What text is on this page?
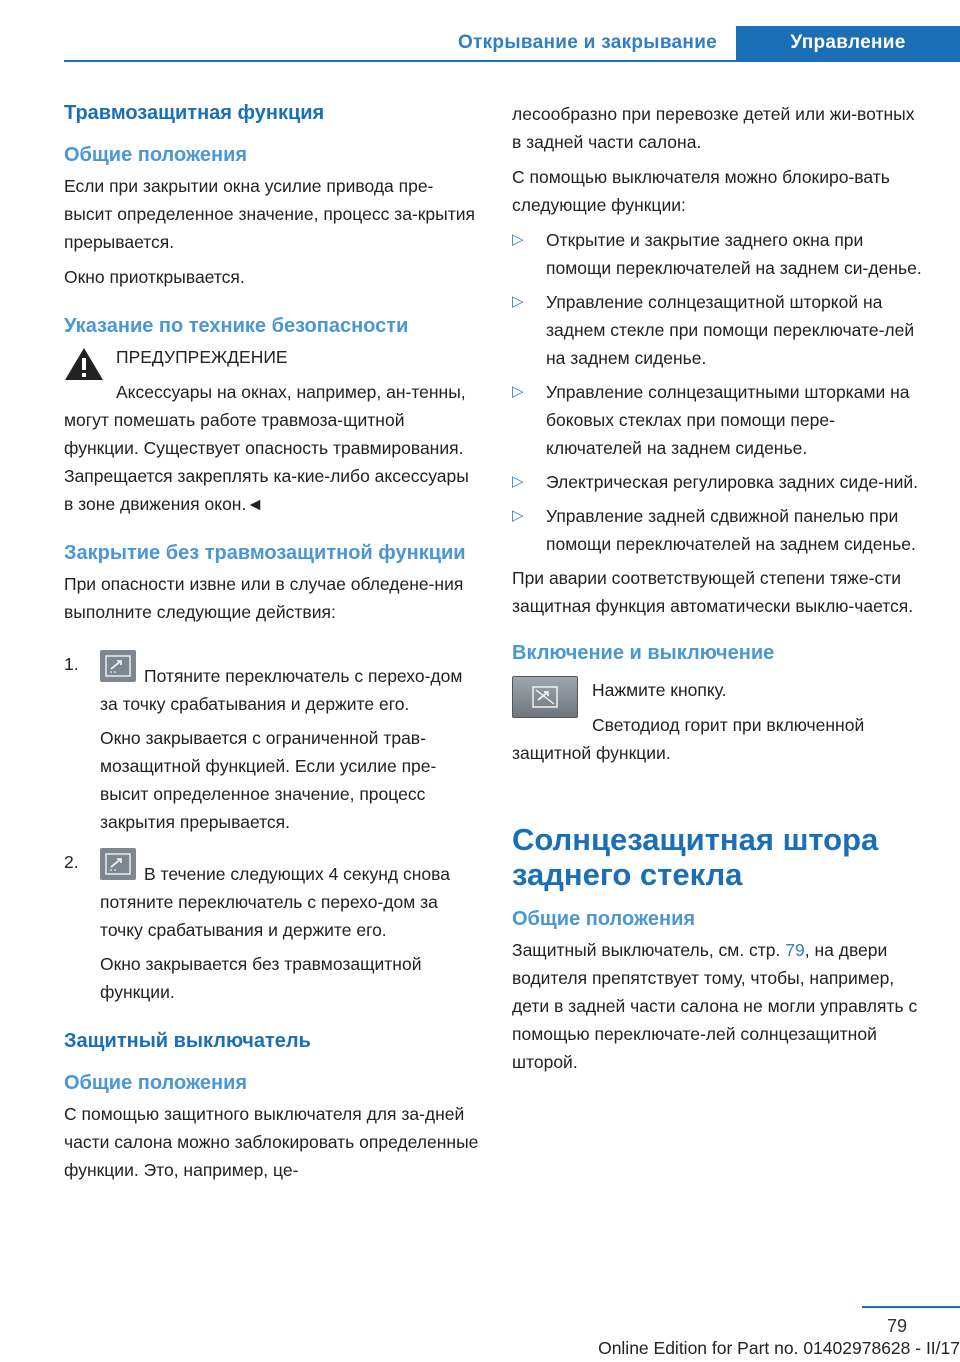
Открывание и закрывание	Управление
Травмозащитная функция
Общие положения

Если при закрытии окна усилие привода пре-высит определенное значение, процесс за-крытия прерывается.

Окно приоткрывается.

Указание по технике безопасности

ПРЕДУПРЕЖДЕНИЕ

Аксессуары на окнах, например, ан-тенны, могут помешать работе травмоза-щитной функции. Существует опасность травмирования. Запрещается закреплять ка-кие-либо аксессуары в зоне движения окон.◄

Закрытие без травмозащитной функции

При опасности извне или в случае обледене-ния выполните следующие действия:

1.
Потяните переключатель с перехо-дом за точку срабатывания и держите его.

Окно закрывается с ограниченной трав-мозащитной функцией. Если усилие пре-высит определенное значение, процесс закрытия прерывается.

2.
В течение следующих 4 секунд снова потяните переключатель с перехо-дом за точку срабатывания и держите его.

Окно закрывается без травмозащитной функции.

Защитный выключатель
Общие положения

С помощью защитного выключателя для за-дней части салона можно заблокировать определенные функции. Это, например, це-

лесообразно при перевозке детей или жи-вотных в задней части салона.

С помощью выключателя можно блокиро-вать следующие функции:

▷ Открытие и закрытие заднего окна при помощи переключателей на заднем си-денье.
▷ Управление солнцезащитной шторкой на заднем стекле при помощи переключате-лей на заднем сиденье.
▷ Управление солнцезащитными шторками на боковых стеклах при помощи пере-ключателей на заднем сиденье.
▷ Электрическая регулировка задних сиде-ний.
▷ Управление задней сдвижной панелью при помощи переключателей на заднем сиденье.

При аварии соответствующей степени тяже-сти защитная функция автоматически выклю-чается.

Включение и выключение

Нажмите кнопку.

Светодиод горит при включенной защитной функции.

Солнцезащитная штора заднего стекла
Общие положения

Защитный выключатель, см. стр. 79, на двери водителя препятствует тому, чтобы, например, дети в задней части салона не могли управлять с помощью переключате-лей солнцезащитной шторой.

79
Online Edition for Part no. 01402978628 - II/17
